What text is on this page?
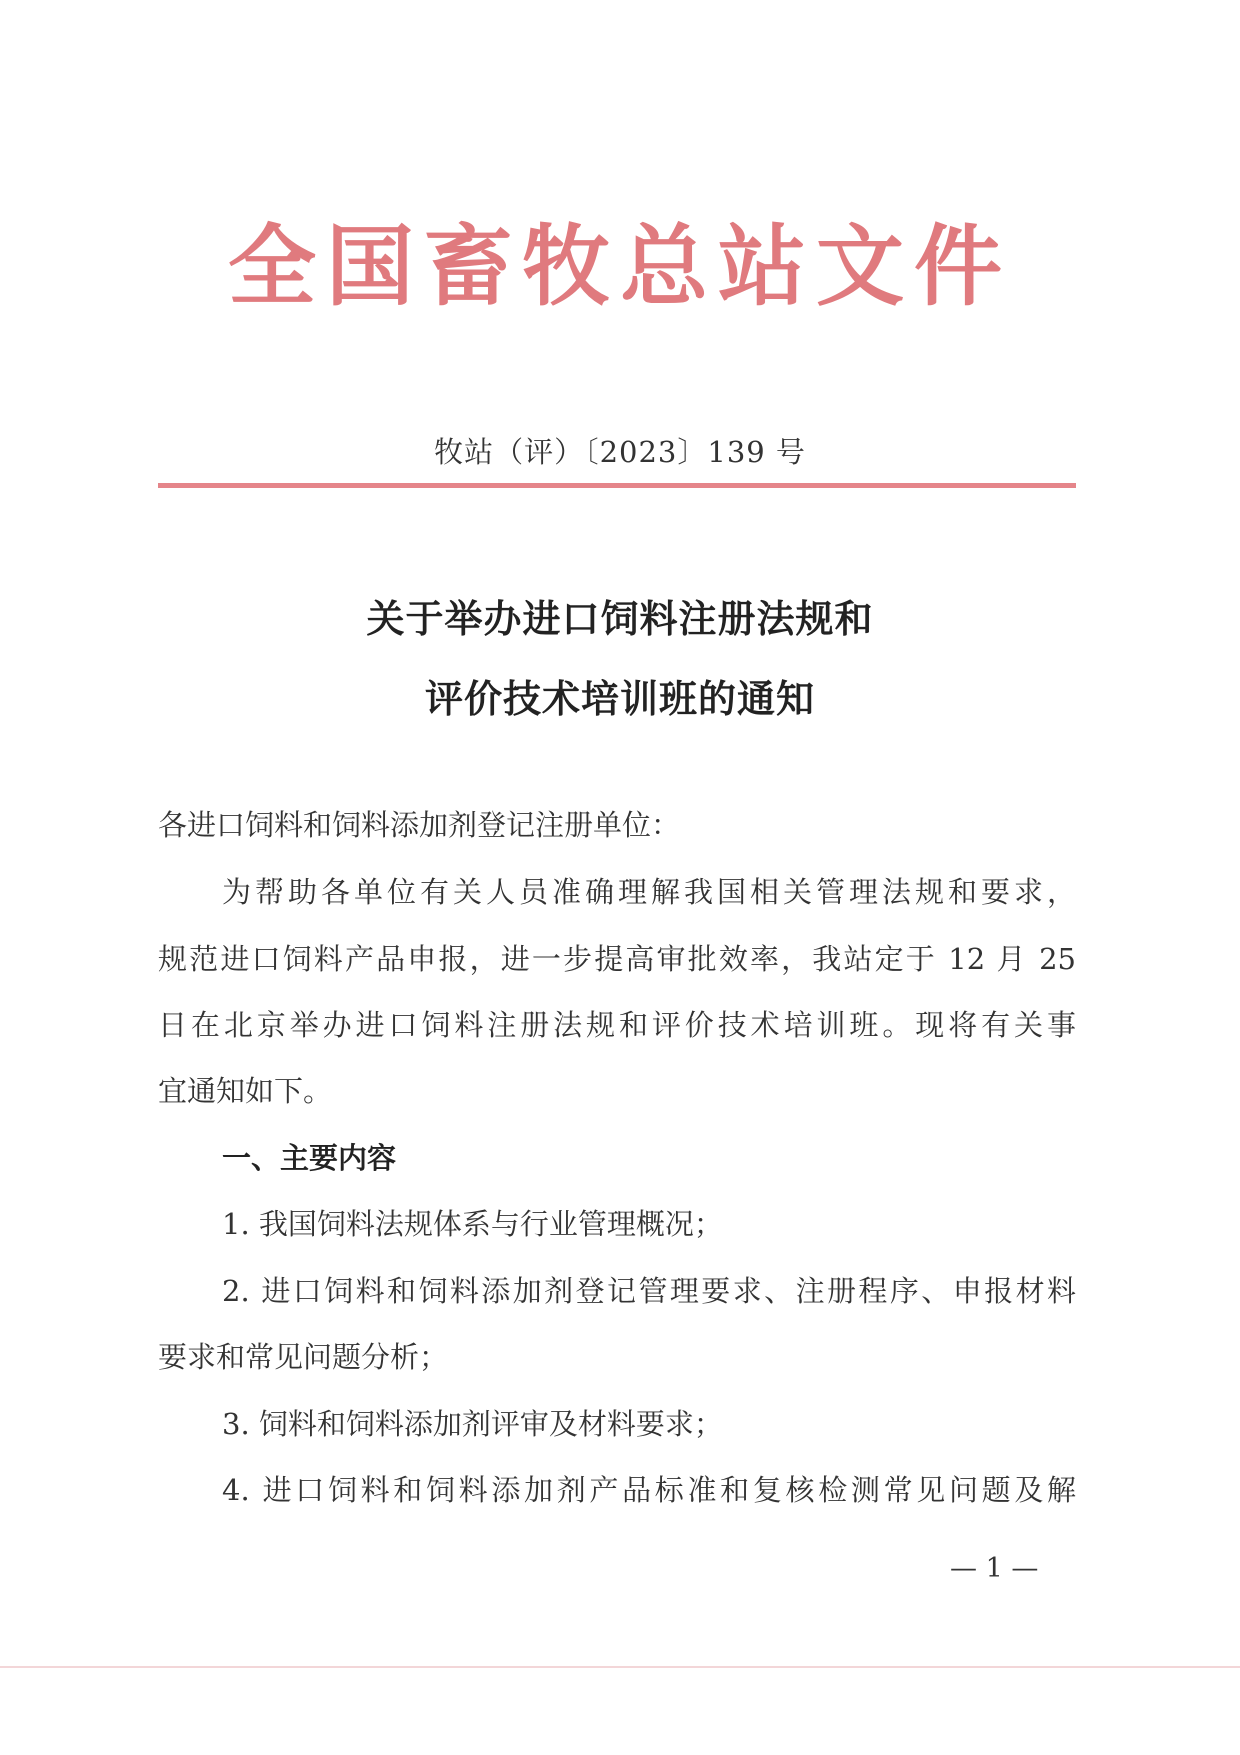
全国畜牧总站文件
牧站（评）〔2023〕139 号
关于举办进口饲料注册法规和
评价技术培训班的通知
各进口饲料和饲料添加剂登记注册单位：
为帮助各单位有关人员准确理解我国相关管理法规和要求，
规范进口饲料产品申报，进一步提高审批效率，我站定于 12 月 25
日在北京举办进口饲料注册法规和评价技术培训班。现将有关事
宜通知如下。
一、主要内容
1. 我国饲料法规体系与行业管理概况；
2. 进口饲料和饲料添加剂登记管理要求、注册程序、申报材料
要求和常见问题分析；
3. 饲料和饲料添加剂评审及材料要求；
4. 进口饲料和饲料添加剂产品标准和复核检测常见问题及解
— 1 —
